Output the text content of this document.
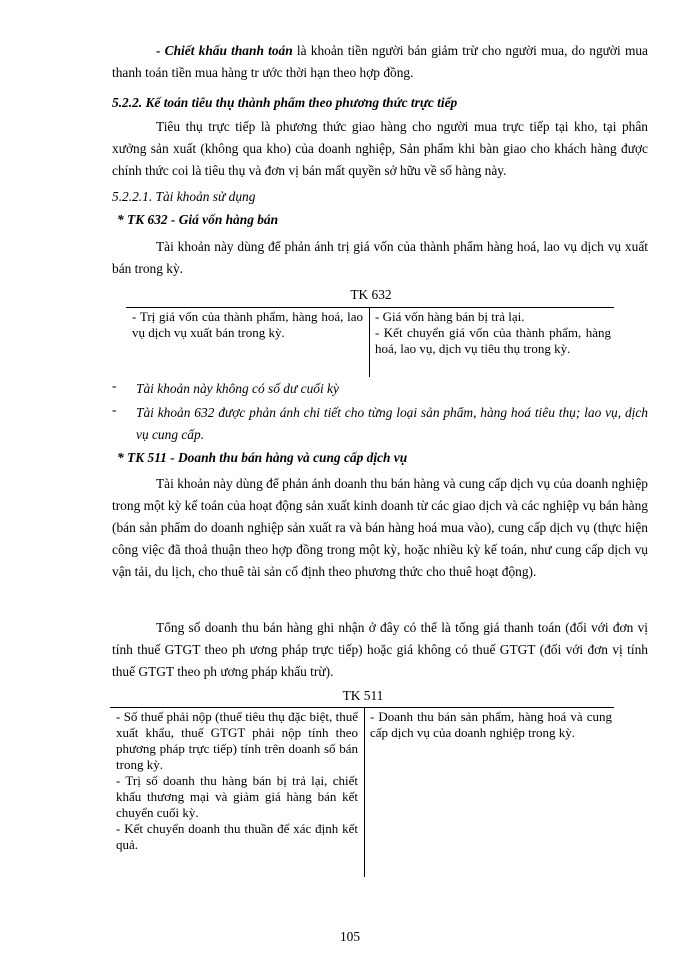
- Chiết khấu thanh toán là khoản tiền người bán giảm trừ cho người mua, do người mua thanh toán tiền mua hàng tr ước thời hạn theo hợp đồng.
5.2.2. Kế toán tiêu thụ thành phẩm theo phương thức trực tiếp
Tiêu thụ trực tiếp là phương thức giao hàng cho người mua trực tiếp tại kho, tại phân xưởng sản xuất (không qua kho) của doanh nghiệp, Sản phẩm khi bàn giao cho khách hàng được chính thức coi là tiêu thụ và đơn vị bán mất quyền sở hữu về số hàng này.
5.2.2.1. Tài khoản sử dụng
* TK 632 - Giá vốn hàng bán
Tài khoản này dùng để phản ánh trị giá vốn của thành phẩm hàng hoá, lao vụ dịch vụ xuất bán trong kỳ.
TK 632
- Trị giá vốn của thành phẩm, hàng hoá, lao vụ dịch vụ xuất bán trong kỳ.
- Giá vốn hàng bán bị trả lại.
- Kết chuyển giá vốn của thành phẩm, hàng hoá, lao vụ, dịch vụ tiêu thụ trong kỳ.
- Tài khoản này không có số dư cuối kỳ
- Tài khoản 632 được phản ánh chi tiết cho từng loại sản phẩm, hàng hoá tiêu thụ; lao vụ, dịch vụ cung cấp.
* TK 511 - Doanh thu bán hàng và cung cấp dịch vụ
Tài khoản này dùng để phản ánh doanh thu bán hàng và cung cấp dịch vụ của doanh nghiệp trong một kỳ kế toán của hoạt động sản xuất kinh doanh từ các giao dịch và các nghiệp vụ bán hàng (bán sản phẩm do doanh nghiệp sản xuất ra và bán hàng hoá mua vào), cung cấp dịch vụ (thực hiện công việc đã thoả thuận theo hợp đồng trong một kỳ, hoặc nhiều kỳ kế toán, như cung cấp dịch vụ vận tải, du lịch, cho thuê tài sản cố định theo phương thức cho thuê hoạt động).
Tổng số doanh thu bán hàng ghi nhận ở đây có thể là tổng giá thanh toán (đối với đơn vị tính thuế GTGT theo ph ương pháp trực tiếp) hoặc giá không có thuế GTGT (đối với đơn vị tính thuế GTGT theo ph ương pháp khấu trừ).
TK 511
- Số thuế phải nộp (thuế tiêu thụ đặc biệt, thuế xuất khẩu, thuế GTGT phải nộp tính theo phương pháp trực tiếp) tính trên doanh số bán trong kỳ.
- Trị số doanh thu hàng bán bị trả lại, chiết khấu thương mại và giảm giá hàng bán kết chuyển cuối kỳ.
- Kết chuyển doanh thu thuần để xác định kết quả.
- Doanh thu bán sản phẩm, hàng hoá và cung cấp dịch vụ của doanh nghiệp trong kỳ.
105
